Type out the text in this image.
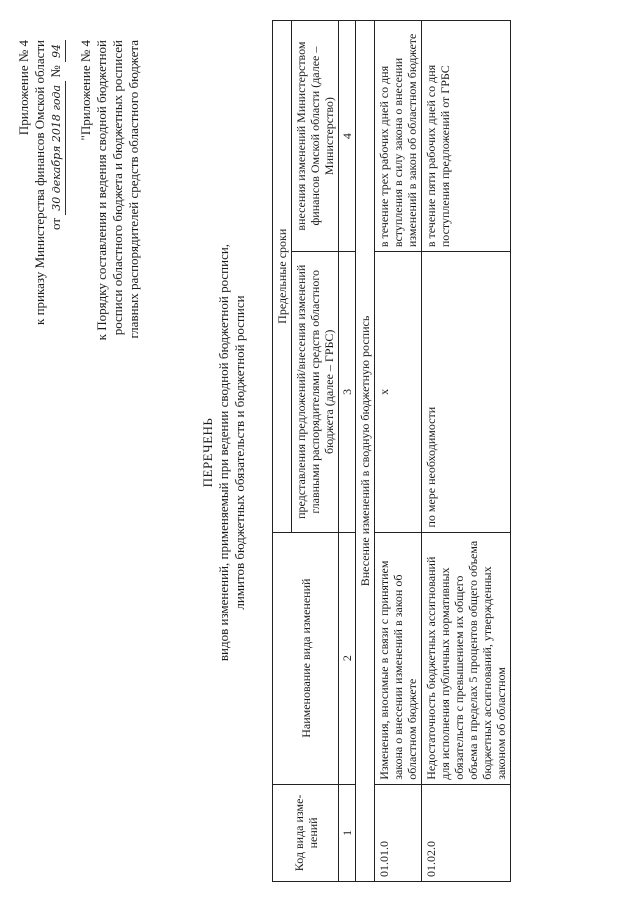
Приложение № 4 к приказу Министерства финансов Омской области от 30 декабря 2018 года № 94 "Приложение № 4 к Порядку составления и ведения сводной бюджетной росписи областного бюджета и бюджетных росписей главных распорядителей средств областного бюджета
ПЕРЕЧЕНЬ видов изменений, применяемый при ведении сводной бюджетной росписи, лимитов бюджетных обязательств и бюджетной росписи
Код вида изме-нений	Наименование вида изменений	Предельные сроки	
		представления предложений/внесения изменений главными распорядителями средств областного бюджета (далее – ГРБС)	внесения изменений Министерством финансов Омской области (далее – Министерство)
1	2	3	4
Внесение изменений в сводную бюджетную роспись			
01.01.0	Изменения, вносимые в связи с принятием закона о внесении изменений в закон об областном бюджете	х	в течение трех рабочих дней со дня вступления в силу закона о внесении изменений в закон об областном бюджете
01.02.0	Недостаточность бюджетных ассигнований для исполнения публичных нормативных обязательств с превышением их общего объема в пределах 5 процентов общего объема бюджетных ассигнований, утвержденных законом об областном	по мере необходимости	в течение пяти рабочих дней со дня поступления предложений от ГРБС
